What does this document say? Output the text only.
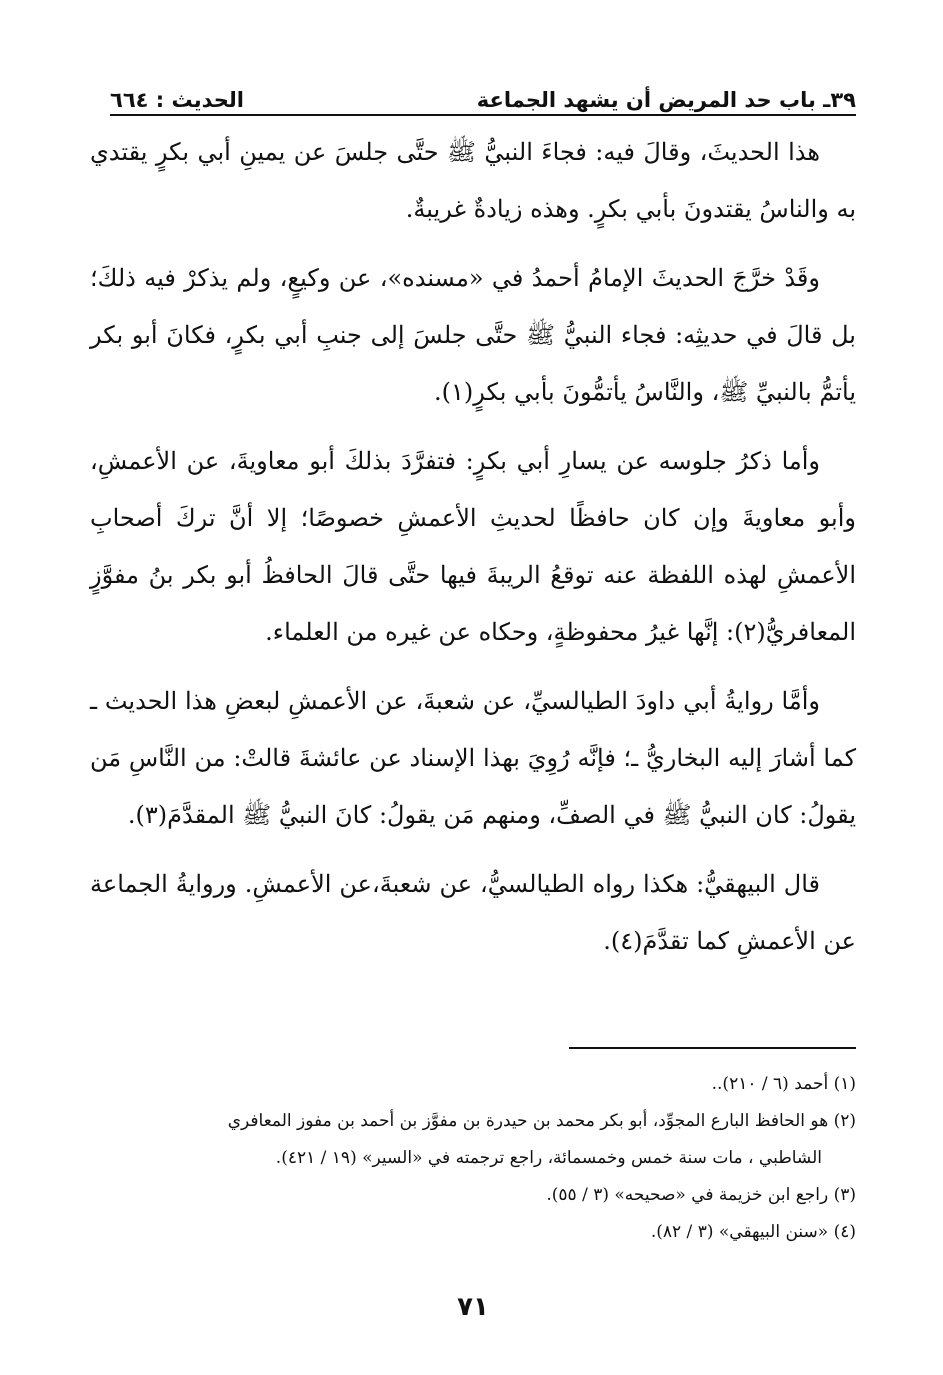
٣٩ـ باب حد المريض أن يشهد الجماعة
الحديث : ٦٦٤

هذا الحديثَ، وقالَ فيه: فجاءَ النبيُّ ﷺ حتَّى جلسَ عن يمينِ أبي بكرٍ يقتدي به والناسُ يقتدونَ بأبي بكرٍ. وهذه زيادةٌ غريبةٌ.

وقَدْ خرَّجَ الحديثَ الإمامُ أحمدُ في «مسنده»، عن وكيعٍ، ولم يذكرْ فيه ذلكَ؛ بل قالَ في حديثِه: فجاء النبيُّ ﷺ حتَّى جلسَ إلى جنبِ أبي بكرٍ، فكانَ أبو بكر يأتمُّ بالنبيِّ ﷺ، والنَّاسُ يأتمُّونَ بأبي بكرٍ(١).

وأما ذكرُ جلوسه عن يسارِ أبي بكرٍ: فتفرَّدَ بذلكَ أبو معاويةَ، عن الأعمشِ، وأبو معاويةَ وإن كان حافظًا لحديثِ الأعمشِ خصوصًا؛ إلا أنَّ تركَ أصحابِ الأعمشِ لهذه اللفظة عنه توقعُ الريبةَ فيها حتَّى قالَ الحافظُ أبو بكر بنُ مفوَّزٍ المعافريُّ(٢): إنَّها غيرُ محفوظةٍ، وحكاه عن غيره من العلماء.

وأمَّا روايةُ أبي داودَ الطيالسيِّ، عن شعبةَ، عن الأعمشِ لبعضِ هذا الحديث ـ كما أشارَ إليه البخاريُّ ـ؛ فإنَّه رُوِيَ بهذا الإسناد عن عائشةَ قالتْ: من النَّاسِ مَن يقولُ: كان النبيُّ ﷺ في الصفِّ، ومنهم مَن يقولُ: كانَ النبيُّ ﷺ المقدَّمَ(٣).

قال البيهقيُّ: هكذا رواه الطيالسيُّ، عن شعبةَ،عن الأعمشِ. وروايةُ الجماعة عن الأعمشِ كما تقدَّمَ(٤).

(١) أحمد (٦ / ٢١٠)..

(٢) هو الحافظ البارع المجوِّد، أبو بكر محمد بن حيدرة بن مفوَّز بن أحمد بن مفوز المعافري

الشاطبي ، مات سنة خمس وخمسمائة، راجع ترجمته في «السير» (١٩ / ٤٢١).

(٣) راجع ابن خزيمة في «صحيحه» (٣ / ٥٥).

(٤) «سنن البيهقي» (٣ / ٨٢).

٧١
